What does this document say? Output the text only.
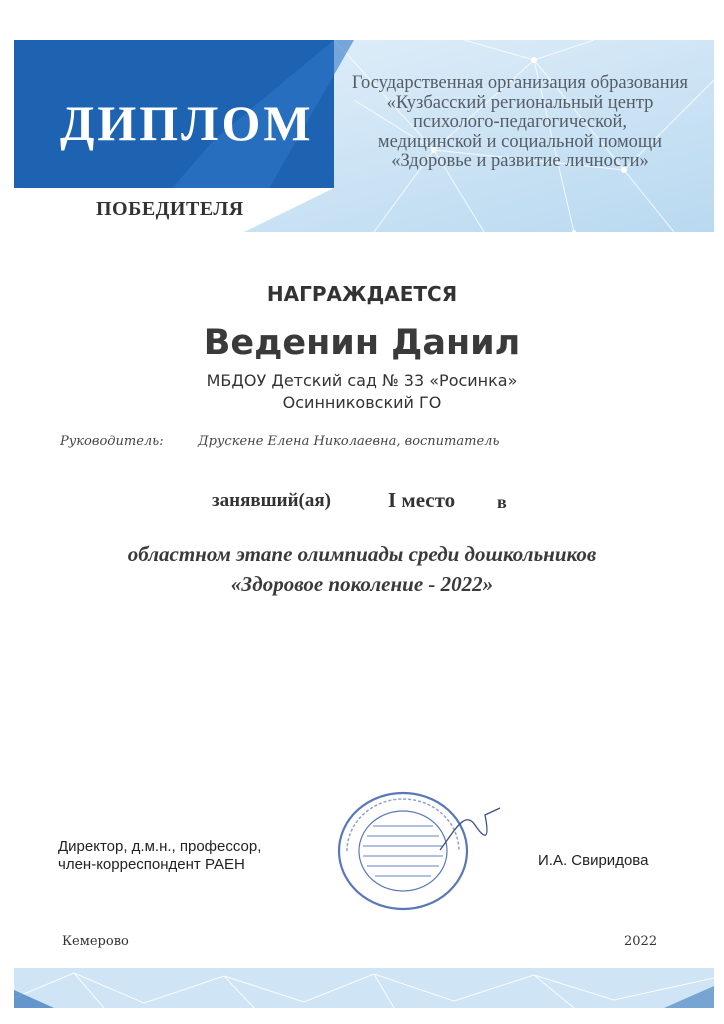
ДИПЛОМ
ПОБЕДИТЕЛЯ
Государственная организация образования
«Кузбасский региональный центр
психолого-педагогической,
медицинской и социальной помощи
«Здоровье и развитие личности»
НАГРАЖДАЕТСЯ
Веденин Данил
МБДОУ Детский сад № 33 «Росинка»
Осинниковский ГО
Руководитель:	Друскене Елена Николаевна, воспитатель
занявший(ая)	I место в
областном этапе олимпиады среди дошкольников
«Здоровое поколение - 2022»
Директор, д.м.н., профессор,
член-корреспондент РАЕН	И.А. Свиридова
Кемерово	2022
